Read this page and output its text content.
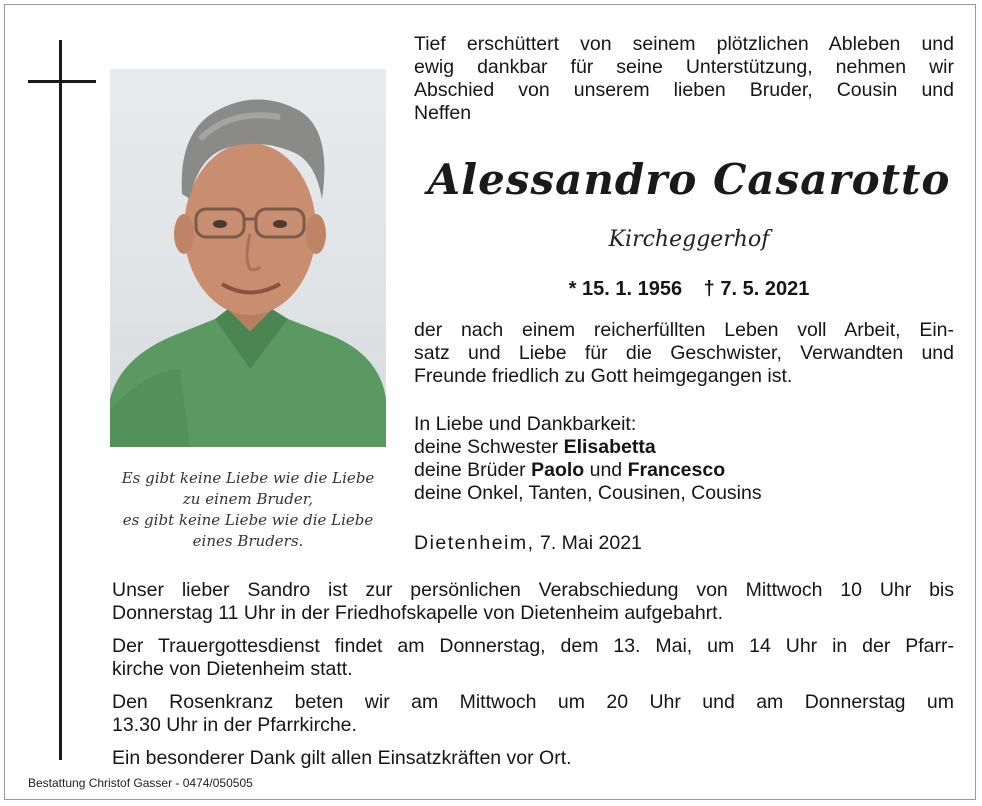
Es gibt keine Liebe wie die Liebe
zu einem Bruder,
es gibt keine Liebe wie die Liebe
eines Bruders.
Tief erschüttert von seinem plötzlichen Ableben und
ewig dankbar für seine Unterstützung, nehmen wir
Abschied von unserem lieben Bruder, Cousin und
Neffen
Alessandro Casarotto
Kircheggerhof
* 15. 1. 1956 † 7. 5. 2021
der nach einem reicherfüllten Leben voll Arbeit, Ein-
satz und Liebe für die Geschwister, Verwandten und
Freunde friedlich zu Gott heimgegangen ist.
In Liebe und Dankbarkeit:
deine Schwester Elisabetta
deine Brüder Paolo und Francesco
deine Onkel, Tanten, Cousinen, Cousins
Dietenheim, 7. Mai 2021
Unser lieber Sandro ist zur persönlichen Verabschiedung von Mittwoch 10 Uhr bis
Donnerstag 11 Uhr in der Friedhofskapelle von Dietenheim aufgebahrt.
Der Trauergottesdienst findet am Donnerstag, dem 13. Mai, um 14 Uhr in der Pfarr-
kirche von Dietenheim statt.
Den Rosenkranz beten wir am Mittwoch um 20 Uhr und am Donnerstag um
13.30 Uhr in der Pfarrkirche.
Ein besonderer Dank gilt allen Einsatzkräften vor Ort.
Bestattung Christof Gasser - 0474/050505
